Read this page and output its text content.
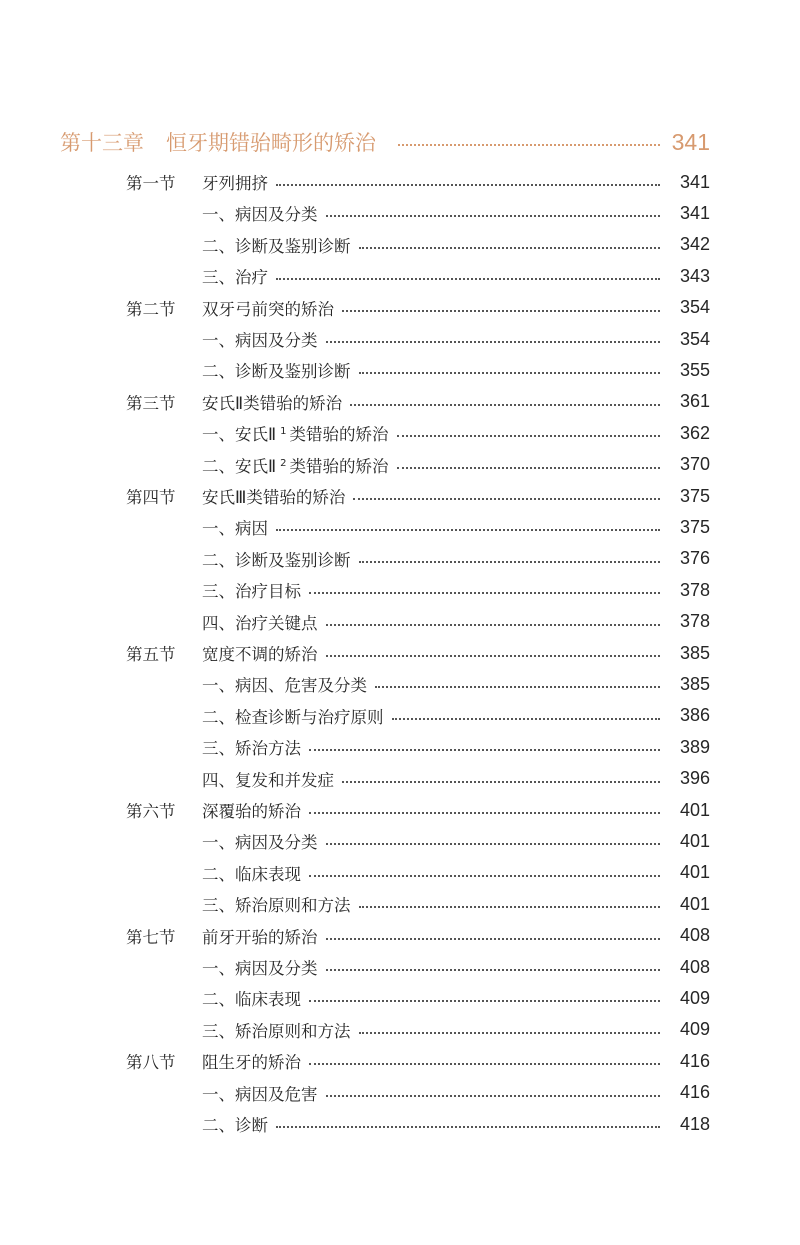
第十三章	恒牙期错骀畸形的矫治	341
第一节	牙列拥挤	341
一、病因及分类	341
二、诊断及鉴别诊断	342
三、治疗	343
第二节	双牙弓前突的矫治	354
一、病因及分类	354
二、诊断及鉴别诊断	355
第三节	安氏Ⅱ类错骀的矫治	361
一、安氏Ⅱ $^1$ 类错骀的矫治	362
二、安氏Ⅱ $^2$ 类错骀的矫治	370
第四节	安氏Ⅲ类错骀的矫治	375
一、病因	375
二、诊断及鉴别诊断	376
三、治疗目标	378
四、治疗关键点	378
第五节	宽度不调的矫治	385
一、病因、危害及分类	385
二、检查诊断与治疗原则	386
三、矫治方法	389
四、复发和并发症	396
第六节	深覆骀的矫治	401
一、病因及分类	401
二、临床表现	401
三、矫治原则和方法	401
第七节	前牙开骀的矫治	408
一、病因及分类	408
二、临床表现	409
三、矫治原则和方法	409
第八节	阻生牙的矫治	416
一、病因及危害	416
二、诊断	418
